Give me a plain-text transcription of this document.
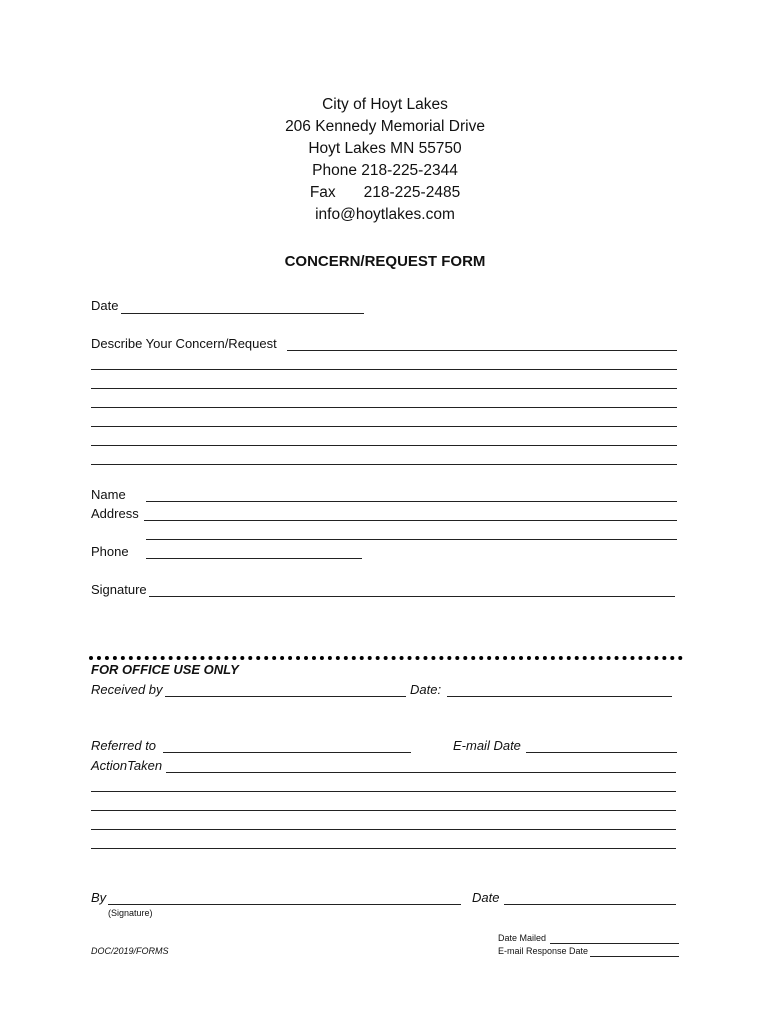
City of Hoyt Lakes
206 Kennedy Memorial Drive
Hoyt Lakes MN 55750
Phone 218-225-2344
Fax 218-225-2485
info@hoytlakes.com
CONCERN/REQUEST FORM
Date
Describe Your Concern/Request
Name
Address
Phone
Signature
FOR OFFICE USE ONLY
Received by	Date:
Referred to	E-mail Date
ActionTaken
By	Date
(Signature)
DOC/2019/FORMS
Date Mailed
E-mail Response Date
